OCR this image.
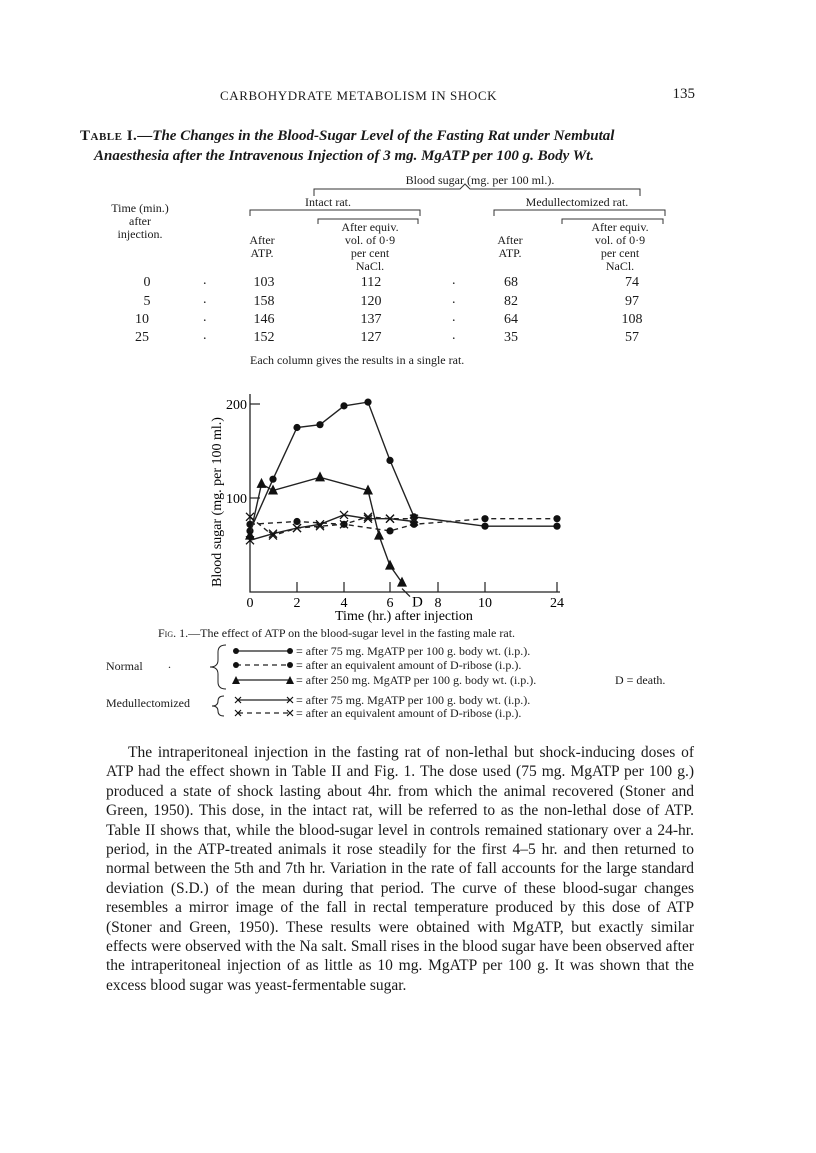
CARBOHYDRATE METABOLISM IN SHOCK	135
Table I.—The Changes in the Blood-Sugar Level of the Fasting Rat under Nembutal
Anaesthesia after the Intravenous Injection of 3 mg. MgATP per 100 g. Body Wt.
Blood sugar (mg. per 100 ml.).
Time (min.)
after
injection.
Intact rat.	Medullectomized rat.
After
ATP.
After equiv.
vol. of 0·9
per cent
NaCl.
After
ATP.
After equiv.
vol. of 0·9
per cent
NaCl.
0	.	103	112	.	68	74
5	.	158	120	.	82	97
10	.	146	137	.	64	108
25	.	152	127	.	35	57
Each column gives the results in a single rat.
Blood sugar (mg. per 100 ml.)
Time (hr.) after injection
0	2	4	6	8	10	24
100
200
D
Fig. 1.—The effect of ATP on the blood-sugar level in the fasting male rat.
Normal .
Medullectomized
= after 75 mg. MgATP per 100 g. body wt. (i.p.).
= after an equivalent amount of D-ribose (i.p.).
= after 250 mg. MgATP per 100 g. body wt. (i.p.).	D = death.
= after 75 mg. MgATP per 100 g. body wt. (i.p.).
= after an equivalent amount of D-ribose (i.p.).

The intraperitoneal injection in the fasting rat of non-lethal but shock-inducing doses of ATP had the effect shown in Table II and Fig. 1. The dose used (75 mg. MgATP per 100 g.) produced a state of shock lasting about 4hr. from which the animal recovered (Stoner and Green, 1950). This dose, in the intact rat, will be referred to as the non-lethal dose of ATP. Table II shows that, while the blood-sugar level in controls remained stationary over a 24-hr. period, in the ATP-treated animals it rose steadily for the first 4–5 hr. and then returned to normal between the 5th and 7th hr. Variation in the rate of fall accounts for the large standard deviation (S.D.) of the mean during that period. The curve of these blood-sugar changes resembles a mirror image of the fall in rectal temperature produced by this dose of ATP (Stoner and Green, 1950). These results were obtained with MgATP, but exactly similar effects were observed with the Na salt. Small rises in the blood sugar have been observed after the intraperitoneal injection of as little as 10 mg. MgATP per 100 g. It was shown that the excess blood sugar was yeast-fermentable sugar.
